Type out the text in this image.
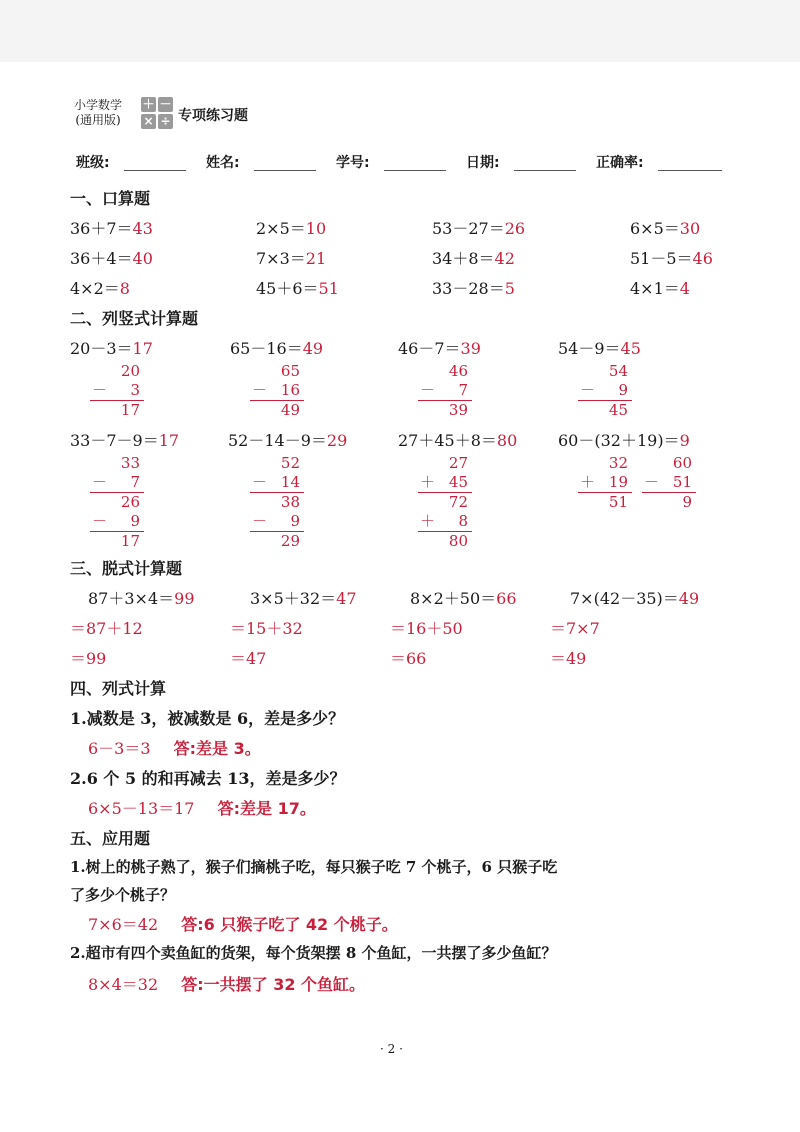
小学数学
(通用版)
＋ －
× ÷ 专项练习题
班级:	姓名:	学号:	日期:	正确率:
一、口算题
36＋7＝43	2×5＝10	53－27＝26	6×5＝30
36＋4＝40	7×3＝21	34＋8＝42	51－5＝46
4×2＝8	45＋6＝51	33－28＝5	4×1＝4
二、列竖式计算题
20－3＝17	65－16＝49	46－7＝39	54－9＝45
20
－ 3
17
65
－ 16
49
46
－ 7
39
54
－ 9
45
33－7－9＝17	52－14－9＝29	27＋45＋8＝80	60－(32＋19)＝9
33
－ 7
26
－ 9
17
52
－ 14
38
－ 9
29
27
＋ 45
72
＋ 8
80
32
＋ 19
51
60
－ 51
9
三、脱式计算题
87＋3×4＝99	3×5＋32＝47	8×2＋50＝66	7×(42－35)＝49
＝87＋12	＝15＋32	＝16＋50	＝7×7
＝99	＝47	＝66	＝49
四、列式计算
1.减数是 3，被减数是 6，差是多少？
6－3＝3 答:差是 3。
2.6 个 5 的和再减去 13，差是多少？
6×5－13＝17 答:差是 17。
五、应用题
1.树上的桃子熟了，猴子们摘桃子吃，每只猴子吃 7 个桃子，6 只猴子吃
了多少个桃子？
7×6＝42 答:6 只猴子吃了 42 个桃子。
2.超市有四个卖鱼缸的货架，每个货架摆 8 个鱼缸，一共摆了多少鱼缸？
8×4＝32 答:一共摆了 32 个鱼缸。
· 2 ·
